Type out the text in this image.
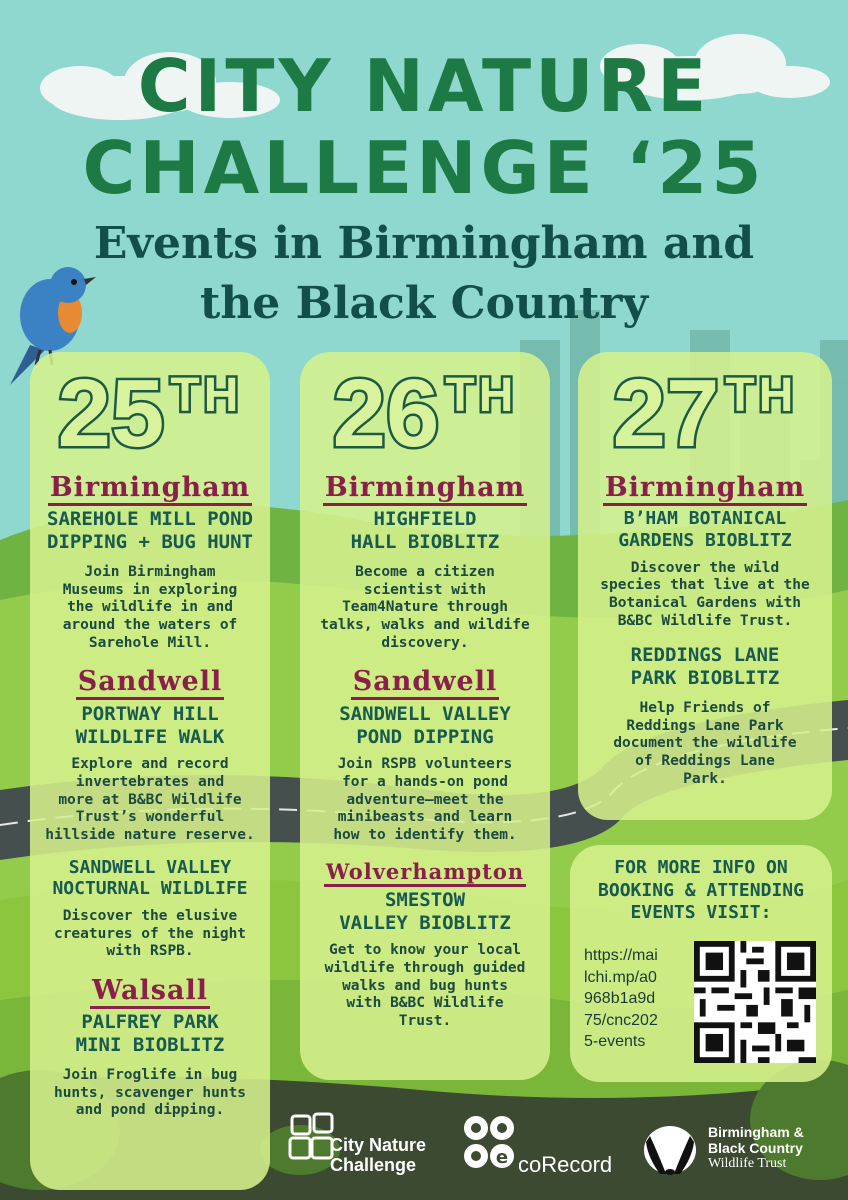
CITY NATURE
CHALLENGE ‘25
Events in Birmingham and
the Black Country
25 $^{TH}$
Birmingham
SAREHOLE MILL POND
DIPPING + BUG HUNT
Join Birmingham
Museums in exploring
the wildlife in and
around the waters of
Sarehole Mill.
Sandwell
PORTWAY HILL
WILDLIFE WALK
Explore and record
invertebrates and
more at B&BC Wildlife
Trust’s wonderful
hillside nature reserve.
SANDWELL VALLEY
NOCTURNAL WILDLIFE
Discover the elusive
creatures of the night
with RSPB.
Walsall
PALFREY PARK
MINI BIOBLITZ
Join Froglife in bug
hunts, scavenger hunts
and pond dipping.
26 $^{TH}$
Birmingham
HIGHFIELD
HALL BIOBLITZ
Become a citizen
scientist with
Team4Nature through
talks, walks and wildife
discovery.
Sandwell
SANDWELL VALLEY
POND DIPPING
Join RSPB volunteers
for a hands-on pond
adventure—meet the
minibeasts and learn
how to identify them.
Wolverhampton
SMESTOW
VALLEY BIOBLITZ
Get to know your local
wildlife through guided
walks and bug hunts
with B&BC Wildlife
Trust.
27 $^{TH}$
Birmingham
B’HAM BOTANICAL
GARDENS BIOBLITZ
Discover the wild
species that live at the
Botanical Gardens with
B&BC Wildlife Trust.
REDDINGS LANE
PARK BIOBLITZ
Help Friends of
Reddings Lane Park
document the wildlife
of Reddings Lane
Park.
FOR MORE INFO ON
BOOKING & ATTENDING
EVENTS VISIT:
https://mai
lchi.mp/a0
968b1a9d
75/cnc202
5-events
City Nature
Challenge	e coRecord
Birmingham &
Black Country
Wildlife Trust
